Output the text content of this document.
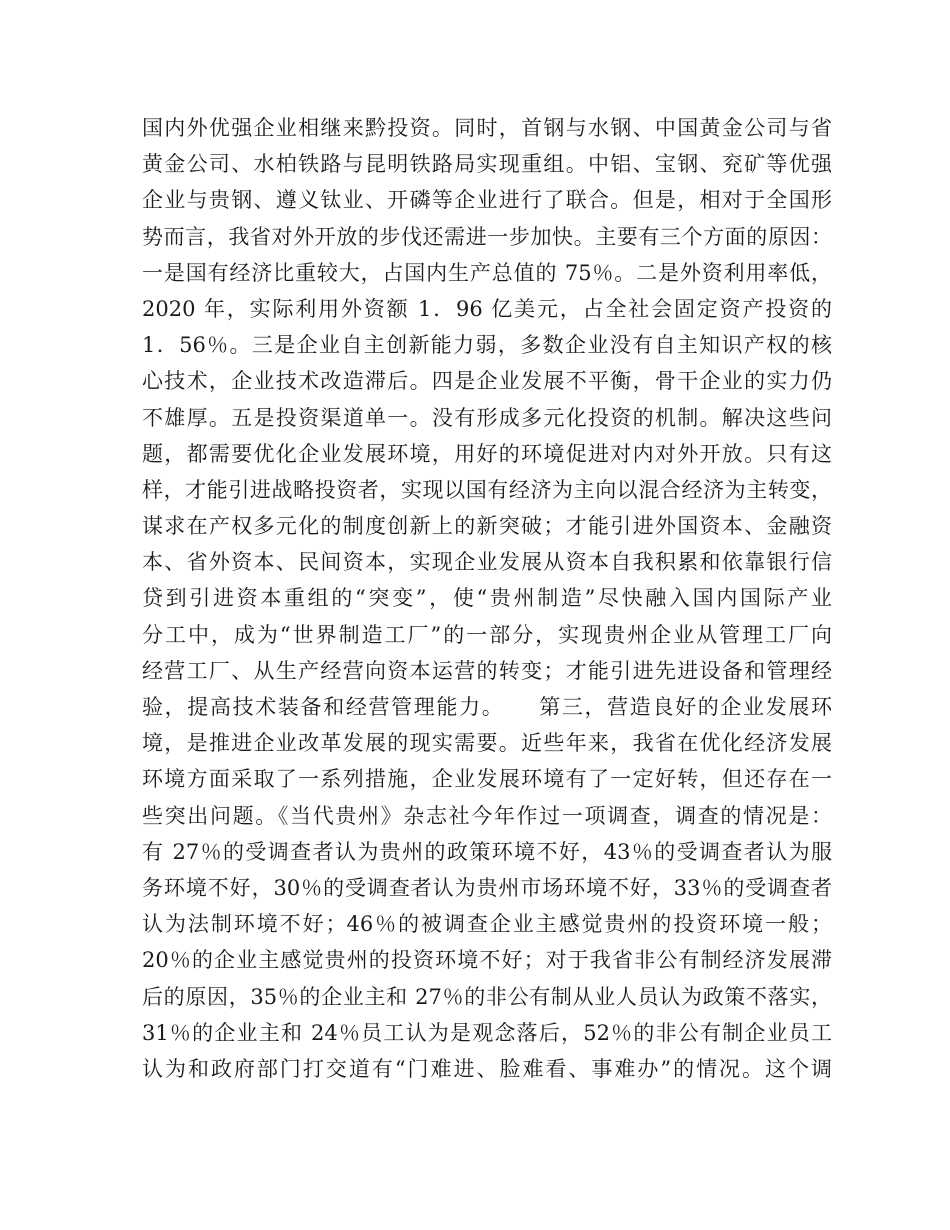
国内外优强企业相继来黔投资。同时，首钢与水钢、中国黄金公司与省
黄金公司、水柏铁路与昆明铁路局实现重组。中铝、宝钢、兖矿等优强
企业与贵钢、遵义钛业、开磷等企业进行了联合。但是，相对于全国形
势而言，我省对外开放的步伐还需进一步加快。主要有三个方面的原因：
一是国有经济比重较大，占国内生产总值的 75％。二是外资利用率低，
2020 年，实际利用外资额 1．96 亿美元，占全社会固定资产投资的
1．56％。三是企业自主创新能力弱，多数企业没有自主知识产权的核
心技术，企业技术改造滞后。四是企业发展不平衡，骨干企业的实力仍
不雄厚。五是投资渠道单一。没有形成多元化投资的机制。解决这些问
题，都需要优化企业发展环境，用好的环境促进对内对外开放。只有这
样，才能引进战略投资者，实现以国有经济为主向以混合经济为主转变，
谋求在产权多元化的制度创新上的新突破；才能引进外国资本、金融资
本、省外资本、民间资本，实现企业发展从资本自我积累和依靠银行信
贷到引进资本重组的“突变”，使“贵州制造”尽快融入国内国际产业
分工中，成为“世界制造工厂”的一部分，实现贵州企业从管理工厂向
经营工厂、从生产经营向资本运营的转变；才能引进先进设备和管理经
验，提高技术装备和经营管理能力。　　第三，营造良好的企业发展环
境，是推进企业改革发展的现实需要。近些年来，我省在优化经济发展
环境方面采取了一系列措施，企业发展环境有了一定好转，但还存在一
些突出问题。《当代贵州》杂志社今年作过一项调查，调查的情况是：
有 27％的受调查者认为贵州的政策环境不好，43％的受调查者认为服
务环境不好，30％的受调查者认为贵州市场环境不好，33％的受调查者
认为法制环境不好；46％的被调查企业主感觉贵州的投资环境一般；
20％的企业主感觉贵州的投资环境不好；对于我省非公有制经济发展滞
后的原因，35％的企业主和 27％的非公有制从业人员认为政策不落实，
31％的企业主和 24％员工认为是观念落后，52％的非公有制企业员工
认为和政府部门打交道有“门难进、脸难看、事难办”的情况。这个调
